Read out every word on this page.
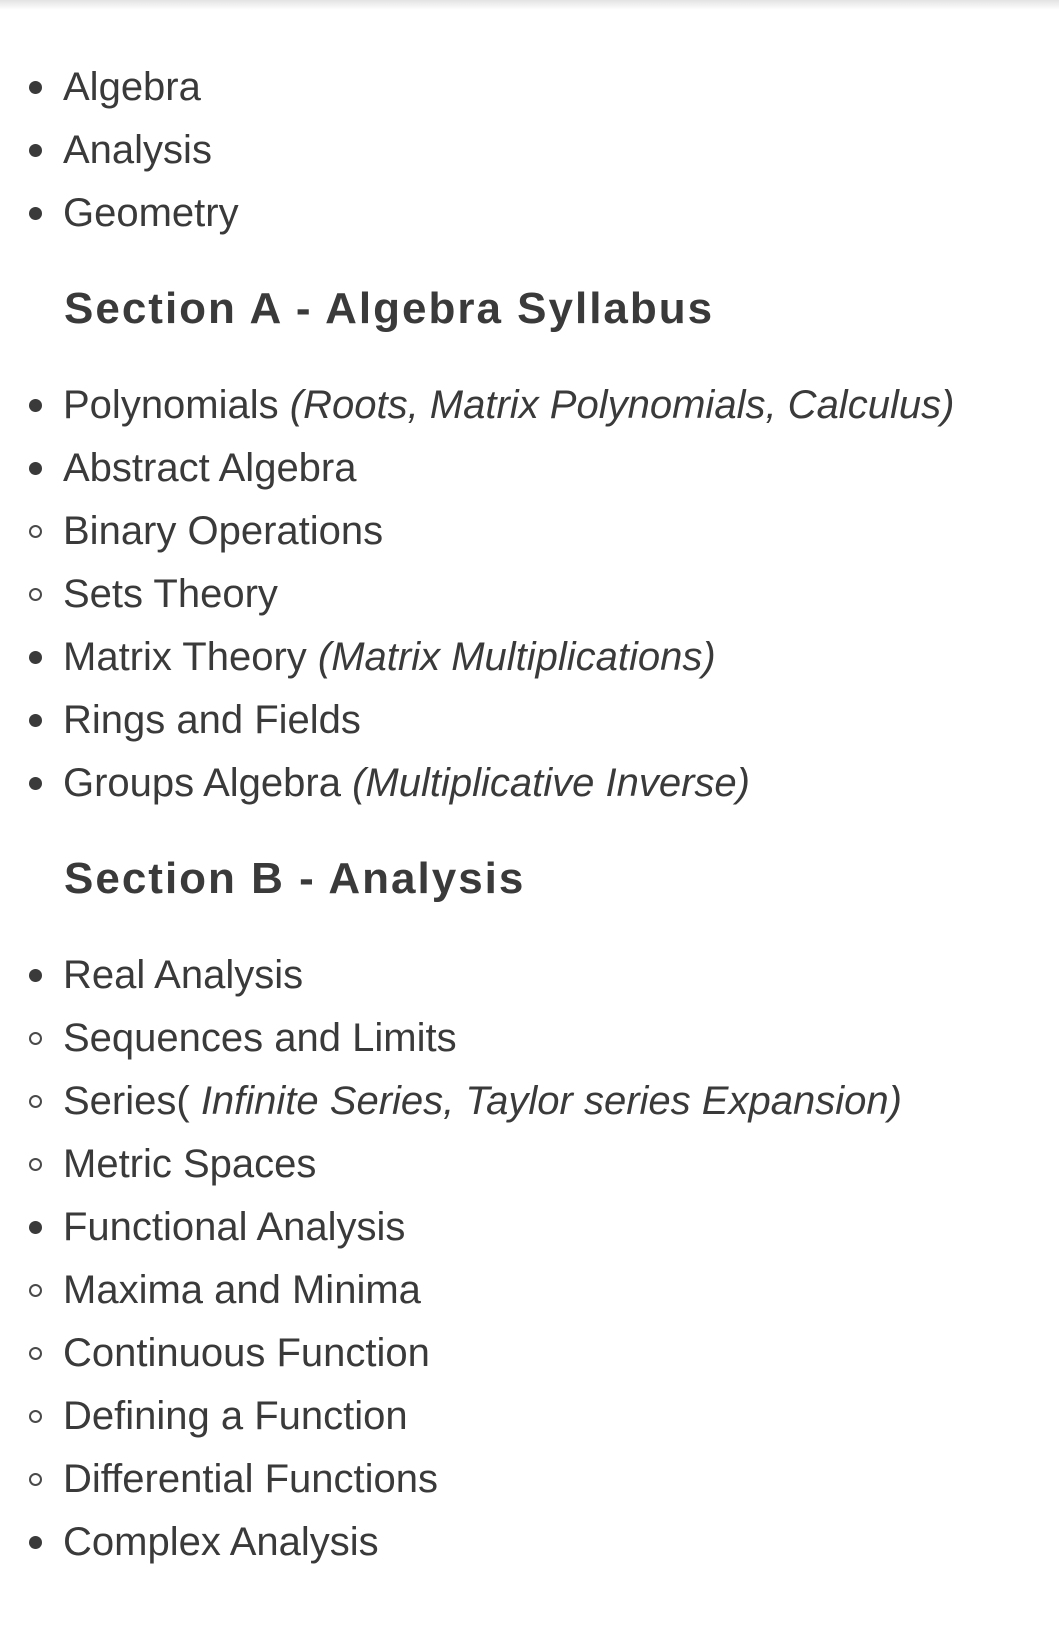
Algebra
Analysis
Geometry
Section A - Algebra Syllabus
Polynomials (Roots, Matrix Polynomials, Calculus)
Abstract Algebra
Binary Operations
Sets Theory
Matrix Theory (Matrix Multiplications)
Rings and Fields
Groups Algebra (Multiplicative Inverse)
Section B - Analysis
Real Analysis
Sequences and Limits
Series( Infinite Series, Taylor series Expansion)
Metric Spaces
Functional Analysis
Maxima and Minima
Continuous Function
Defining a Function
Differential Functions
Complex Analysis
